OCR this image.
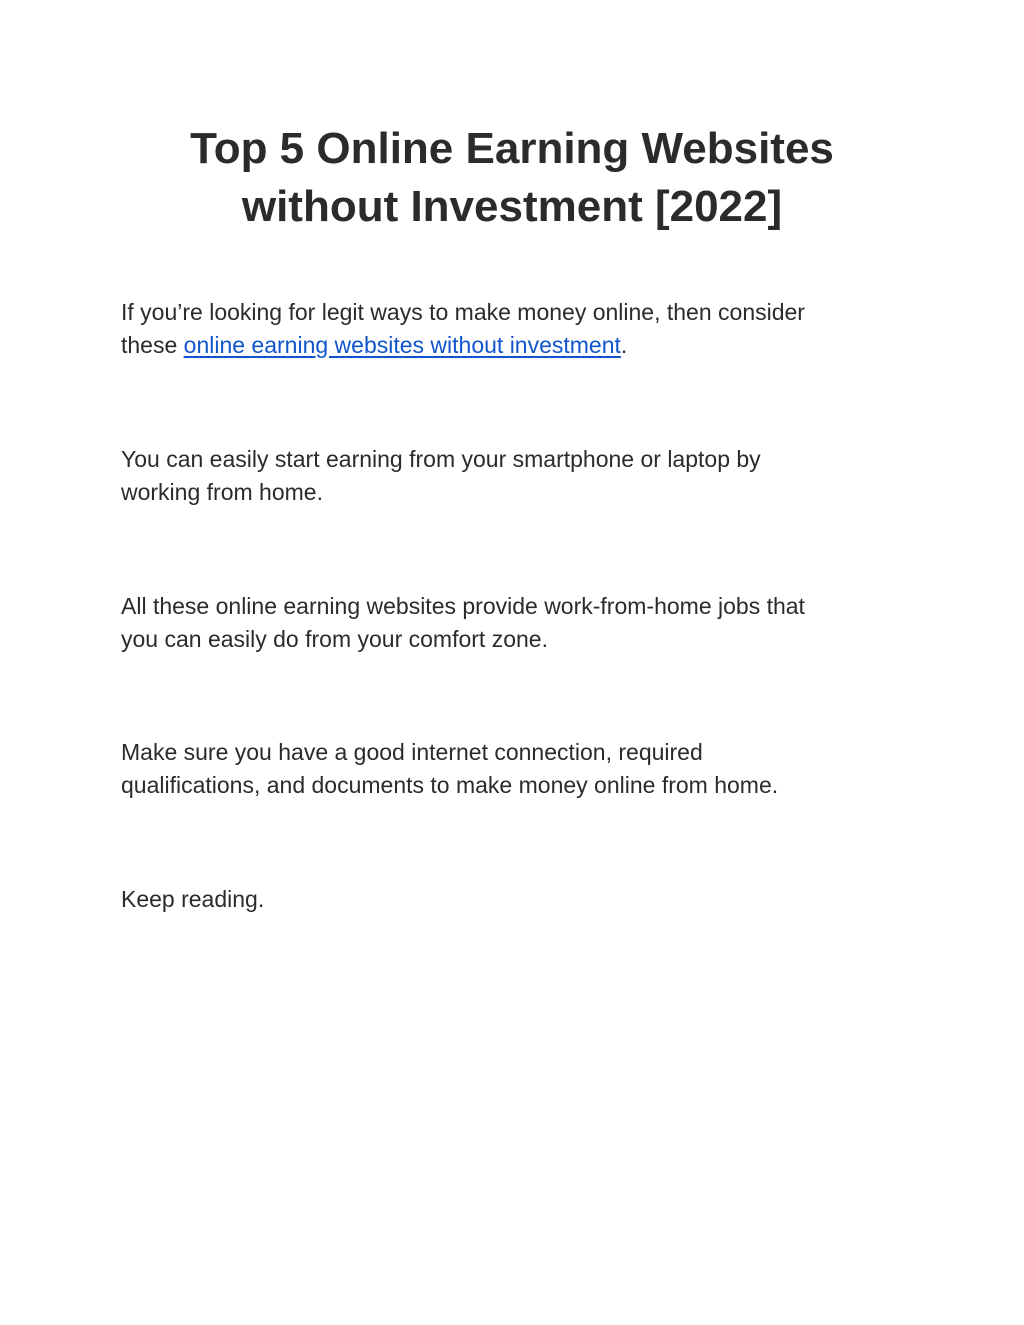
Top 5 Online Earning Websites
without Investment [2022]

If you’re looking for legit ways to make money online, then consider
these online earning websites without investment.

You can easily start earning from your smartphone or laptop by
working from home.

All these online earning websites provide work-from-home jobs that
you can easily do from your comfort zone.

Make sure you have a good internet connection, required
qualifications, and documents to make money online from home.

Keep reading.
